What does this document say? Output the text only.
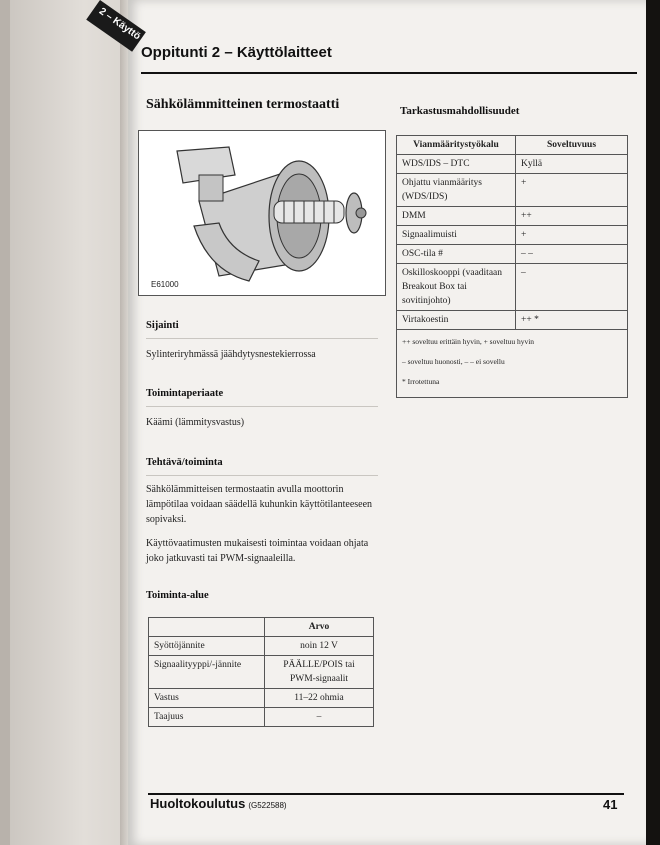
2 – Käyttö
Oppitunti 2 – Käyttölaitteet
Sähkölämmitteinen termostaatti
E61000
Sijainti
Sylinteriryhmässä jäähdytysnestekierrossa
Toimintaperiaate
Käämi (lämmitysvastus)
Tehtävä/toiminta
Sähkölämmitteisen termostaatin avulla moottorin lämpötilaa voidaan säädellä kuhunkin käyttötilanteeseen sopivaksi.
Käyttövaatimusten mukaisesti toimintaa voidaan ohjata joko jatkuvasti tai PWM-signaaleilla.
Toiminta-alue
	Arvo
Syöttöjännite	noin 12 V
Signaalityyppi/-jännite	PÄÄLLE/POIS tai PWM-signaalit
Vastus	11–22 ohmia
Taajuus	–
Tarkastusmahdollisuudet
Vianmääritystyökalu	Soveltuvuus
WDS/IDS – DTC	Kyllä
Ohjattu vianmääritys (WDS/IDS)	+
DMM	++
Signaalimuisti	+
OSC-tila #	– –
Oskilloskooppi (vaaditaan Breakout Box tai sovitinjohto)	–
Virtakoestin	++ *

++ soveltuu erittäin hyvin, + soveltuu hyvin
– soveltuu huonosti, – – ei sovellu
* Irrotettuna	
Huoltokoulutus (G522588)	41
